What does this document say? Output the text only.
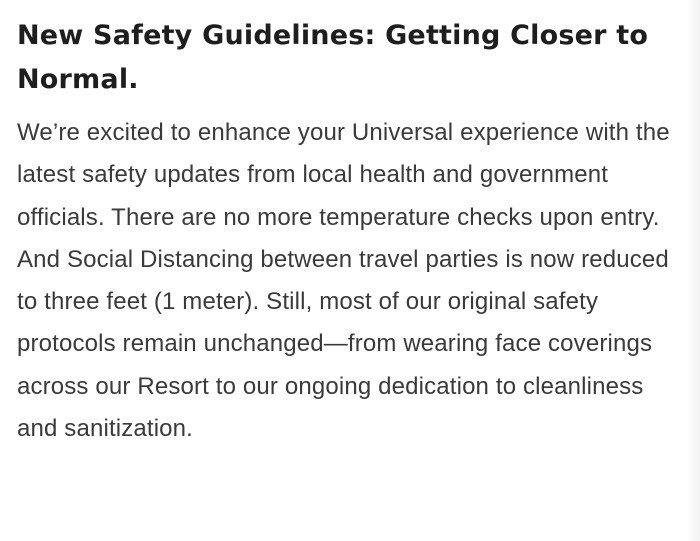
New Safety Guidelines: Getting Closer to Normal.

We’re excited to enhance your Universal experience with the latest safety updates from local health and government officials. There are no more temperature checks upon entry. And Social Distancing between travel parties is now reduced to three feet (1 meter). Still, most of our original safety protocols remain unchanged—from wearing face coverings across our Resort to our ongoing dedication to cleanliness and sanitization.
